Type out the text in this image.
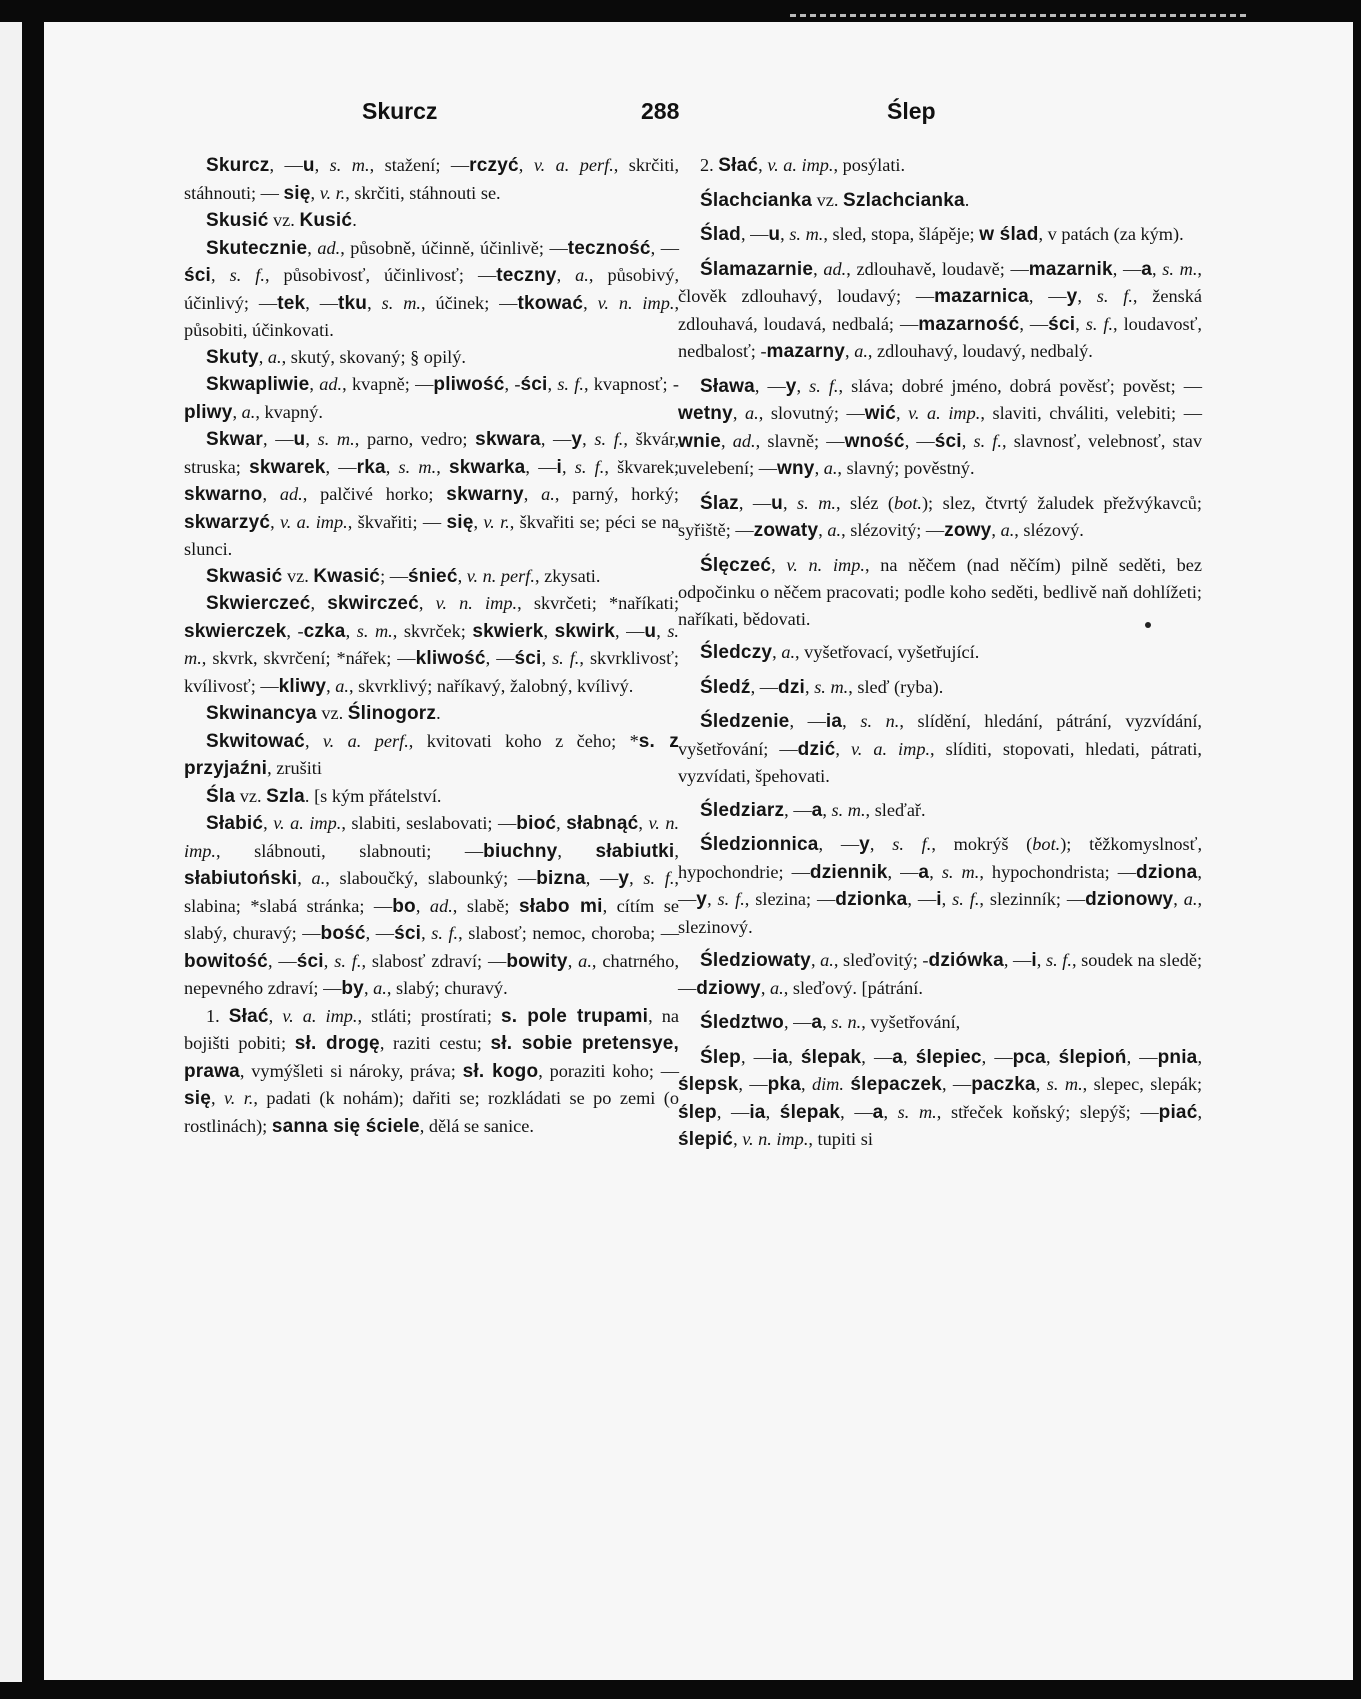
Skurcz	288	Ślep

Skurcz, —u, s. m., stažení; —rczyć, v. a. perf., skrčiti, stáhnouti; — się, v. r., skrčiti, stáhnouti se.

Skusić vz. Kusić.

Skutecznie, ad., působně, účinně, účinlivě; —teczność, —ści, s. f., působivosť, účinlivosť; —teczny, a., působivý, účinlivý; —tek, —tku, s. m., účinek; —tkować, v. n. imp., působiti, účinkovati.

Skuty, a., skutý, skovaný; § opilý.

Skwapliwie, ad., kvapně; —pliwość, -ści, s. f., kvapnosť; -pliwy, a., kvapný.

Skwar, —u, s. m., parno, vedro; skwara, —y, s. f., škvár, struska; skwarek, —rka, s. m., skwarka, —i, s. f., škvarek; skwarno, ad., palčivé horko; skwarny, a., parný, horký; skwarzyć, v. a. imp., škvařiti; — się, v. r., škvařiti se; péci se na slunci.

Skwasić vz. Kwasić; —śnieć, v. n. perf., zkysati.

Skwierczeć, skwirczeć, v. n. imp., skvrčeti; *naříkati; skwierczek, -czka, s. m., skvrček; skwierk, skwirk, —u, s. m., skvrk, skvrčení; *nářek; —kliwość, —ści, s. f., skvrklivosť; kvílivosť; —kliwy, a., skvrklivý; naříkavý, žalobný, kvílivý.

Skwinancya vz. Ślinogorz.

Skwitować, v. a. perf., kvitovati koho z čeho; *s. z przyjaźni, zrušiti

Śla vz. Szla. [s kým přátelství.

Słabić, v. a. imp., slabiti, seslabovati; —bioć, słabnąć, v. n. imp., slábnouti, slabnouti; —biuchny, słabiutki, słabiutoński, a., slaboučký, slabounký; —bizna, —y, s. f., slabina; *slabá stránka; —bo, ad., slabě; słabo mi, cítím se slabý, churavý; —bość, —ści, s. f., slabosť; nemoc, choroba; —bowitość, —ści, s. f., slabosť zdraví; —bowity, a., chatrného, nepevného zdraví; —by, a., slabý; churavý.

1. Słać, v. a. imp., stláti; prostírati; s. pole trupami, na bojišti pobiti; sł. drogę, raziti cestu; sł. sobie pretensye, prawa, vymýšleti si nároky, práva; sł. kogo, poraziti koho; — się, v. r., padati (k nohám); dařiti se; rozkládati se po zemi (o rostlinách); sanna się ściele, dělá se sanice.

2. Słać, v. a. imp., posýlati.

Ślachcianka vz. Szlachcianka.

Ślad, —u, s. m., sled, stopa, šlápěje; w ślad, v patách (za kým).

Ślamazarnie, ad., zdlouhavě, loudavě; —mazarnik, —a, s. m., člověk zdlouhavý, loudavý; —mazarnica, —y, s. f., ženská zdlouhavá, loudavá, nedbalá; —mazarność, —ści, s. f., loudavosť, nedbalosť; -mazarny, a., zdlouhavý, loudavý, nedbalý.

Sława, —y, s. f., sláva; dobré jméno, dobrá pověsť; pověst; —wetny, a., slovutný; —wić, v. a. imp., slaviti, chváliti, velebiti; —wnie, ad., slavně; —wność, —ści, s. f., slavnosť, velebnosť, stav uvelebení; —wny, a., slavný; pověstný.

Ślaz, —u, s. m., sléz (bot.); slez, čtvrtý žaludek přežvýkavců; syřiště; —zowaty, a., slézovitý; —zowy, a., slézový.

Ślęczeć, v. n. imp., na něčem (nad něčím) pilně seděti, bez odpočinku o něčem pracovati; podle koho seděti, bedlivě naň dohlížeti; naříkati, bědovati.

Śledczy, a., vyšetřovací, vyšetřující.

Śledź, —dzi, s. m., sleď (ryba).

Śledzenie, —ia, s. n., slídění, hledání, pátrání, vyzvídání, vyšetřování; —dzić, v. a. imp., slíditi, stopovati, hledati, pátrati, vyzvídati, špehovati.

Śledziarz, —a, s. m., sleďař.

Śledzionnica, —y, s. f., mokrýš (bot.); těžkomyslnosť, hypochondrie; —dziennik, —a, s. m., hypochondrista; —dziona, —y, s. f., slezina; —dzionka, —i, s. f., slezinník; —dzionowy, a., slezinový.

Śledziowaty, a., sleďovitý; -dziówka, —i, s. f., soudek na sledě; —dziowy, a., sleďový. [pátrání.

Śledztwo, —a, s. n., vyšetřování,

Ślep, —ia, ślepak, —a, ślepiec, —pca, ślepioń, —pnia, ślepsk, —pka, dim. ślepaczek, —paczka, s. m., slepec, slepák; ślep, —ia, ślepak, —a, s. m., střeček koňský; slepýš; —piać, ślepić, v. n. imp., tupiti si
